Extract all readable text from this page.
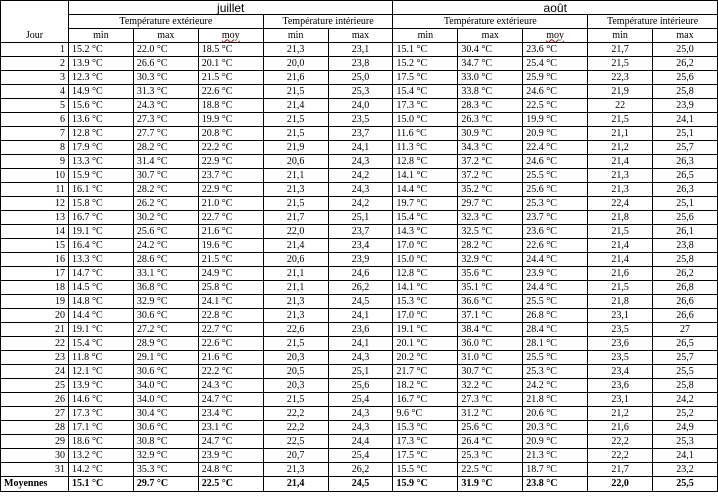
Jour	juillet					août				
	Température extérieure			Température intérieure		Température extérieure			Température intérieure	
	min	max	moy	min	max	min	max	moy	min	max
1	15.2 °C	22.0 °C	18.5 °C	21,3	23,1	15.1 °C	30.4 °C	23.6 °C	21,7	25,0
2	13.9 °C	26.6 °C	20.1 °C	20,0	23,8	15.2 °C	34.7 °C	25.4 °C	21,5	26,2
3	12.3 °C	30.3 °C	21.5 °C	21,6	25,0	17.5 °C	33.0 °C	25.9 °C	22,3	25,6
4	14.9 °C	31.3 °C	22.6 °C	21,5	25,3	15.4 °C	33.8 °C	24.6 °C	21,9	25,8
5	15.6 °C	24.3 °C	18.8 °C	21,4	24,0	17.3 °C	28.3 °C	22.5 °C	22	23,9
6	13.6 °C	27.3 °C	19.9 °C	21,5	23,5	15.0 °C	26.3 °C	19.9 °C	21,5	24,1
7	12.8 °C	27.7 °C	20.8 °C	21,5	23,7	11.6 °C	30.9 °C	20.9 °C	21,1	25,1
8	17.9 °C	28.2 °C	22.2 °C	21,9	24,1	11.3 °C	34.3 °C	22.4 °C	21,2	25,7
9	13.3 °C	31.4 °C	22.9 °C	20,6	24,3	12.8 °C	37.2 °C	24.6 °C	21,4	26,3
10	15.9 °C	30.7 °C	23.7 °C	21,1	24,2	14.1 °C	37.2 °C	25.5 °C	21,3	26,5
11	16.1 °C	28.2 °C	22.9 °C	21,3	24,3	14.4 °C	35.2 °C	25.6 °C	21,3	26,3
12	15.8 °C	26.2 °C	21.0 °C	21,5	24,2	19.7 °C	29.7 °C	25.3 °C	22,4	25,1
13	16.7 °C	30.2 °C	22.7 °C	21,7	25,1	15.4 °C	32.3 °C	23.7 °C	21,8	25,6
14	19.1 °C	25.6 °C	21.6 °C	22,0	23,7	14.3 °C	32.5 °C	23.6 °C	21,5	26,1
15	16.4 °C	24.2 °C	19.6 °C	21,4	23,4	17.0 °C	28.2 °C	22.6 °C	21,4	23,8
16	13.3 °C	28.6 °C	21.5 °C	20,6	23,9	15.0 °C	32.9 °C	24.4 °C	21,4	25,8
17	14.7 °C	33.1 °C	24.9 °C	21,1	24,6	12.8 °C	35.6 °C	23.9 °C	21,6	26,2
18	14.5 °C	36.8 °C	25.8 °C	21,1	26,2	14.1 °C	35.1 °C	24.4 °C	21,5	26,8
19	14.8 °C	32.9 °C	24.1 °C	21,3	24,5	15.3 °C	36.6 °C	25.5 °C	21,8	26,6
20	14.4 °C	30.6 °C	22.8 °C	21,3	24,1	17.0 °C	37.1 °C	26.8 °C	23,1	26,6
21	19.1 °C	27.2 °C	22.7 °C	22,6	23,6	19.1 °C	38.4 °C	28.4 °C	23,5	27
22	15.4 °C	28.9 °C	22.6 °C	21,5	24,1	20.1 °C	36.0 °C	28.1 °C	23,6	26,5
23	11.8 °C	29.1 °C	21.6 °C	20,3	24,3	20.2 °C	31.0 °C	25.5 °C	23,5	25,7
24	12.1 °C	30.6 °C	22.2 °C	20,5	25,1	21.7 °C	30.7 °C	25.3 °C	23,4	25,5
25	13.9 °C	34.0 °C	24.3 °C	20,3	25,6	18.2 °C	32.2 °C	24.2 °C	23,6	25,8
26	14.6 °C	34.0 °C	24.7 °C	21,5	25,4	16.7 °C	27.3 °C	21.8 °C	23,1	24,2
27	17.3 °C	30.4 °C	23.4 °C	22,2	24,3	9.6 °C	31.2 °C	20.6 °C	21,2	25,2
28	17.1 °C	30.6 °C	23.1 °C	22,2	24,3	15.3 °C	25.6 °C	20.3 °C	21,6	24,9
29	18.6 °C	30.8 °C	24.7 °C	22,5	24,4	17.3 °C	26.4 °C	20.9 °C	22,2	25,3
30	13.2 °C	32.9 °C	23.9 °C	20,7	25,4	17.5 °C	25.3 °C	21.3 °C	22,2	24,1
31	14.2 °C	35.3 °C	24.8 °C	21,3	26,2	15.5 °C	22.5 °C	18.7 °C	21,7	23,2
Moyennes	15.1 °C	29.7 °C	22.5 °C	21,4	24,5	15.9 °C	31.9 °C	23.8 °C	22,0	25,5
